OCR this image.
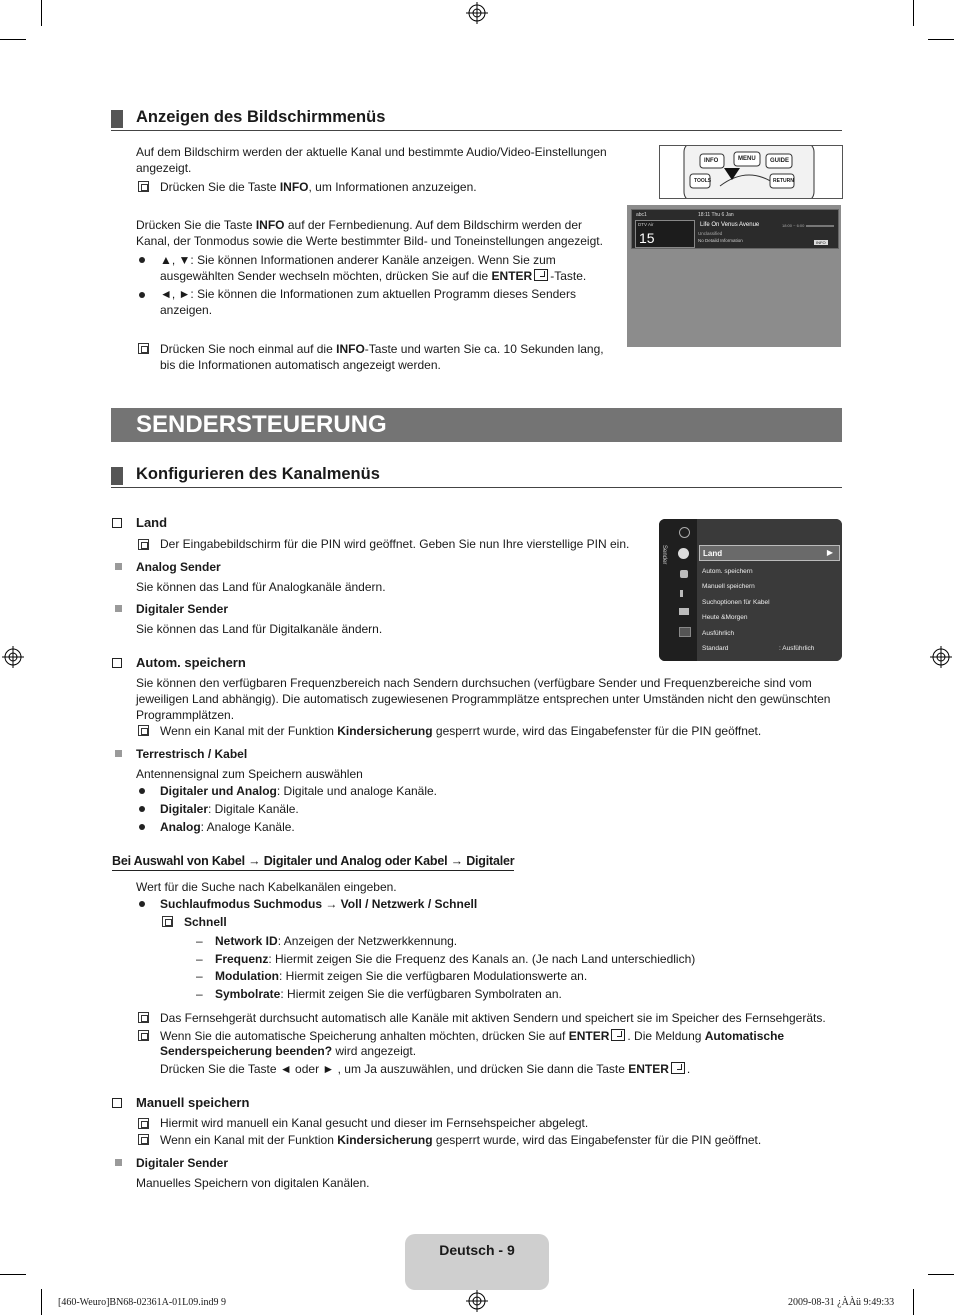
Anzeigen des Bildschirmmenüs
Auf dem Bildschirm werden der aktuelle Kanal und bestimmte Audio/Video-Einstellungen angezeigt.
Drücken Sie die Taste INFO, um Informationen anzuzeigen.
Drücken Sie die Taste INFO auf der Fernbedienung. Auf dem Bildschirm werden der Kanal, der Tonmodus sowie die Werte bestimmter Bild- und Toneinstellungen angezeigt.
▲, ▼: Sie können Informationen anderer Kanäle anzeigen. Wenn Sie zum ausgewählten Sender wechseln möchten, drücken Sie auf die ENTER -Taste.
◄, ►: Sie können die Informationen zum aktuellen Programm dieses Senders anzeigen.
Drücken Sie noch einmal auf die INFO-Taste und warten Sie ca. 10 Sekunden lang, bis die Informationen automatisch angezeigt werden.
INFO	MENU GUIDE
TOOLS	RETURN
abc1
DTV Air
15
18:11 Thu 6 Jan
Life On Venus Avenue
Unclassified
No Detaild Information
18:00 ~ 6:00
INFO
SENDERSTEUERUNG
Konfigurieren des Kanalmenüs
Land
Der Eingabebildschirm für die PIN wird geöffnet. Geben Sie nun Ihre vierstellige PIN ein.
Analog Sender
Sie können das Land für Analogkanäle ändern.
Digitaler Sender
Sie können das Land für Digitalkanäle ändern.
Sender	Land	▶
Autom. speichern
Manuell speichern
Suchoptionen für Kabel
Heute &Morgen
Ausführlich
Standard	: Ausführlich
Autom. speichern
Sie können den verfügbaren Frequenzbereich nach Sendern durchsuchen (verfügbare Sender und Frequenzbereiche sind vom jeweiligen Land abhängig). Die automatisch zugewiesenen Programmplätze entsprechen unter Umständen nicht den gewünschten Programmplätzen.
Wenn ein Kanal mit der Funktion Kindersicherung gesperrt wurde, wird das Eingabefenster für die PIN geöffnet.
Terrestrisch / Kabel
Antennensignal zum Speichern auswählen
Digitaler und Analog: Digitale und analoge Kanäle.
Digitaler: Digitale Kanäle.
Analog: Analoge Kanäle.
Bei Auswahl von Kabel → Digitaler und Analog oder Kabel → Digitaler
Wert für die Suche nach Kabelkanälen eingeben.
Suchlaufmodus Suchmodus → Voll / Netzwerk / Schnell
Schnell
– Network ID: Anzeigen der Netzwerkkennung.
– Frequenz: Hiermit zeigen Sie die Frequenz des Kanals an. (Je nach Land unterschiedlich)
– Modulation: Hiermit zeigen Sie die verfügbaren Modulationswerte an.
– Symbolrate: Hiermit zeigen Sie die verfügbaren Symbolraten an.
Das Fernsehgerät durchsucht automatisch alle Kanäle mit aktiven Sendern und speichert sie im Speicher des Fernsehgeräts.
Wenn Sie die automatische Speicherung anhalten möchten, drücken Sie auf ENTER . Die Meldung Automatische
Senderspeicherung beenden? wird angezeigt.
Drücken Sie die Taste ◄ oder ► , um Ja auszuwählen, und drücken Sie dann die Taste ENTER .
Manuell speichern
Hiermit wird manuell ein Kanal gesucht und dieser im Fernsehspeicher abgelegt.
Wenn ein Kanal mit der Funktion Kindersicherung gesperrt wurde, wird das Eingabefenster für die PIN geöffnet.
Digitaler Sender
Manuelles Speichern von digitalen Kanälen.
Deutsch - 9
[460-Weuro]BN68-02361A-01L09.ind9 9	2009-08-31 ¿ÀÀü 9:49:33
